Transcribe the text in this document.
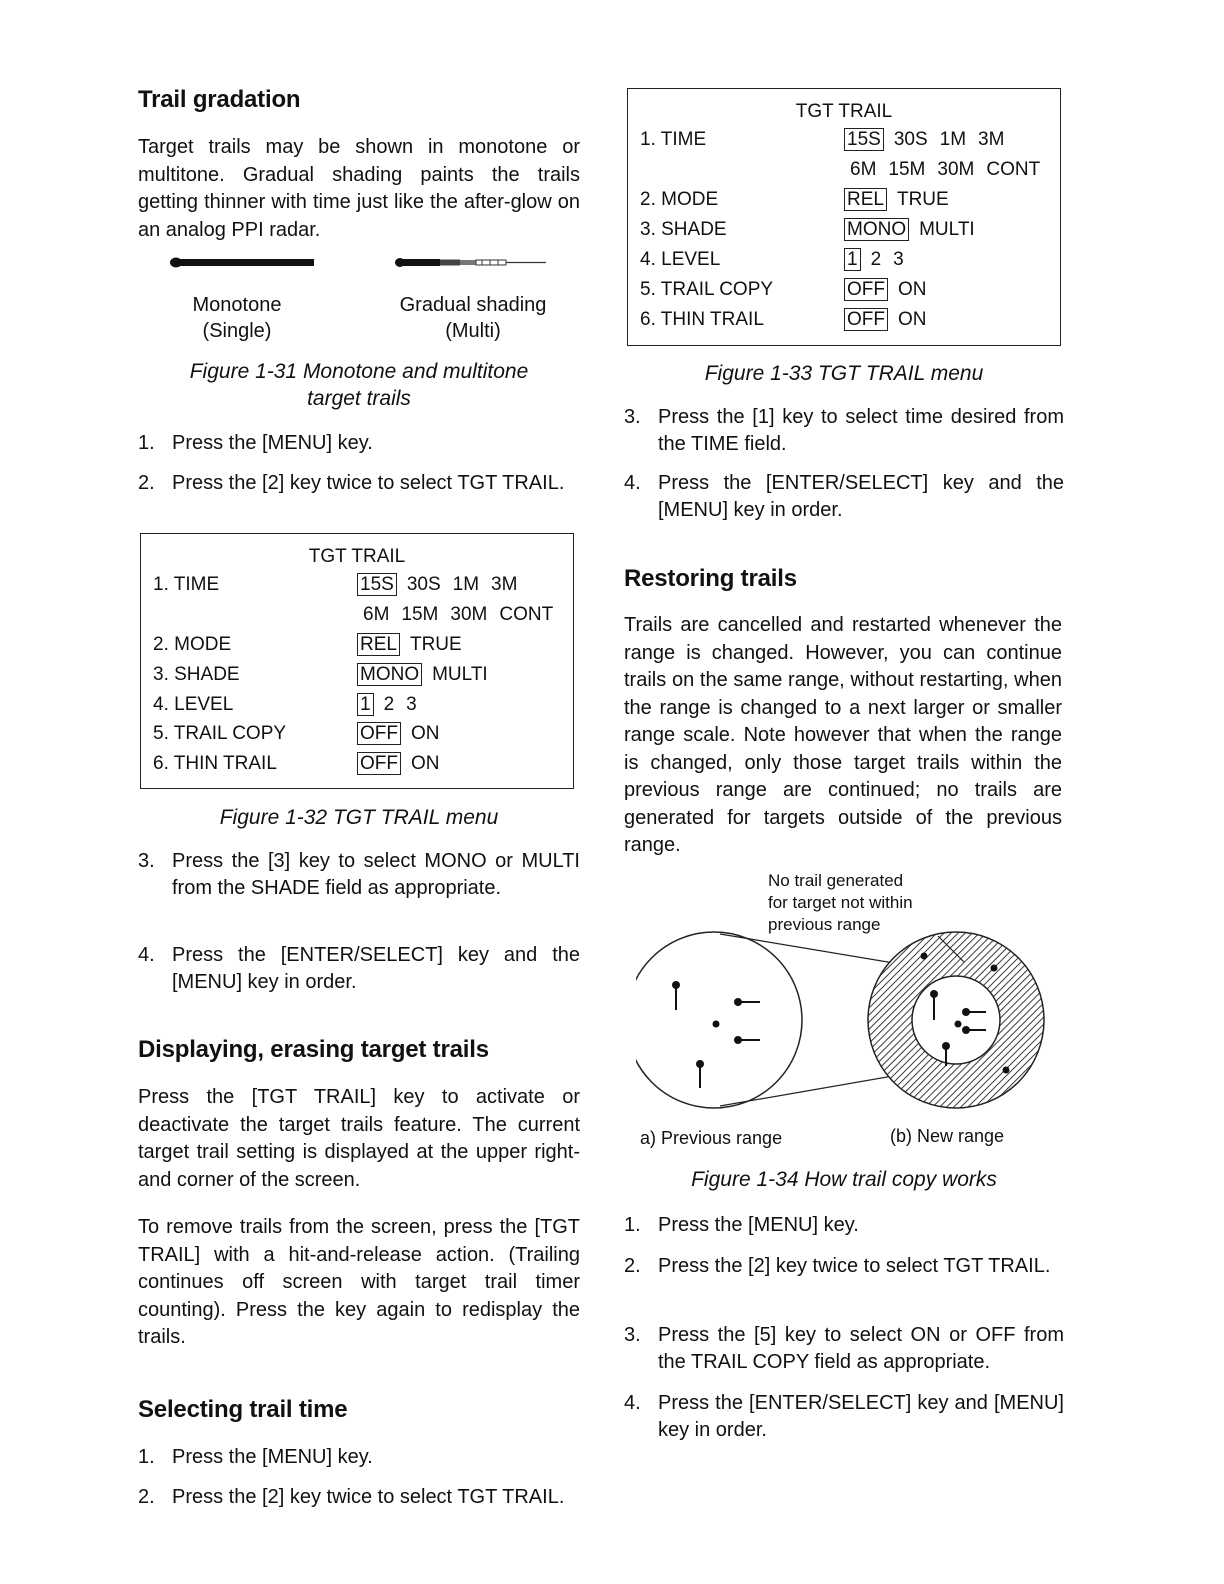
Trail gradation

Target trails may be shown in monotone or multitone. Gradual shading paints the trails getting thinner with time just like the after-glow on an analog PPI radar.

Monotone
(Single)
Gradual shading
(Multi)
Figure 1-31 Monotone and multitone
target trails
1. Press the [MENU] key.
2. Press the [2] key twice to select TGT TRAIL.
TGT TRAIL
1. TIME	15S 30S 1M 3M
6M 15M 30M CONT
2. MODE	REL TRUE
3. SHADE	MONO MULTI
4. LEVEL	1 2 3
5. TRAIL COPY	OFF ON
6. THIN TRAIL	OFF ON
Figure 1-32 TGT TRAIL menu
3. Press the [3] key to select MONO or MULTI from the SHADE field as appropriate.
4. Press the [ENTER/SELECT] key and the [MENU] key in order.
Displaying, erasing target trails

Press the [TGT TRAIL] key to activate or deactivate the target trails feature. The current target trail setting is displayed at the upper right-and corner of the screen.

To remove trails from the screen, press the [TGT TRAIL] with a hit-and-release action. (Trailing continues off screen with target trail timer counting). Press the key again to redisplay the trails.

Selecting trail time
1. Press the [MENU] key.
2. Press the [2] key twice to select TGT TRAIL.
TGT TRAIL
1. TIME	15S 30S 1M 3M
6M 15M 30M CONT
2. MODE	REL TRUE
3. SHADE	MONO MULTI
4. LEVEL	1 2 3
5. TRAIL COPY	OFF ON
6. THIN TRAIL	OFF ON
Figure 1-33 TGT TRAIL menu
3. Press the [1] key to select time desired from the TIME field.
4. Press the [ENTER/SELECT] key and the [MENU] key in order.
Restoring trails

Trails are cancelled and restarted whenever the range is changed. However, you can continue trails on the same range, without restarting, when the range is changed to a next larger or smaller range scale. Note however that when the range is changed, only those target trails within the previous range are continued; no trails are generated for targets outside of the previous range.

No trail generated
for target not within
previous range
a) Previous range	(b) New range
Figure 1-34 How trail copy works
1. Press the [MENU] key.
2. Press the [2] key twice to select TGT TRAIL.
3. Press the [5] key to select ON or OFF from the TRAIL COPY field as appropriate.
4. Press the [ENTER/SELECT] key and [MENU] key in order.
